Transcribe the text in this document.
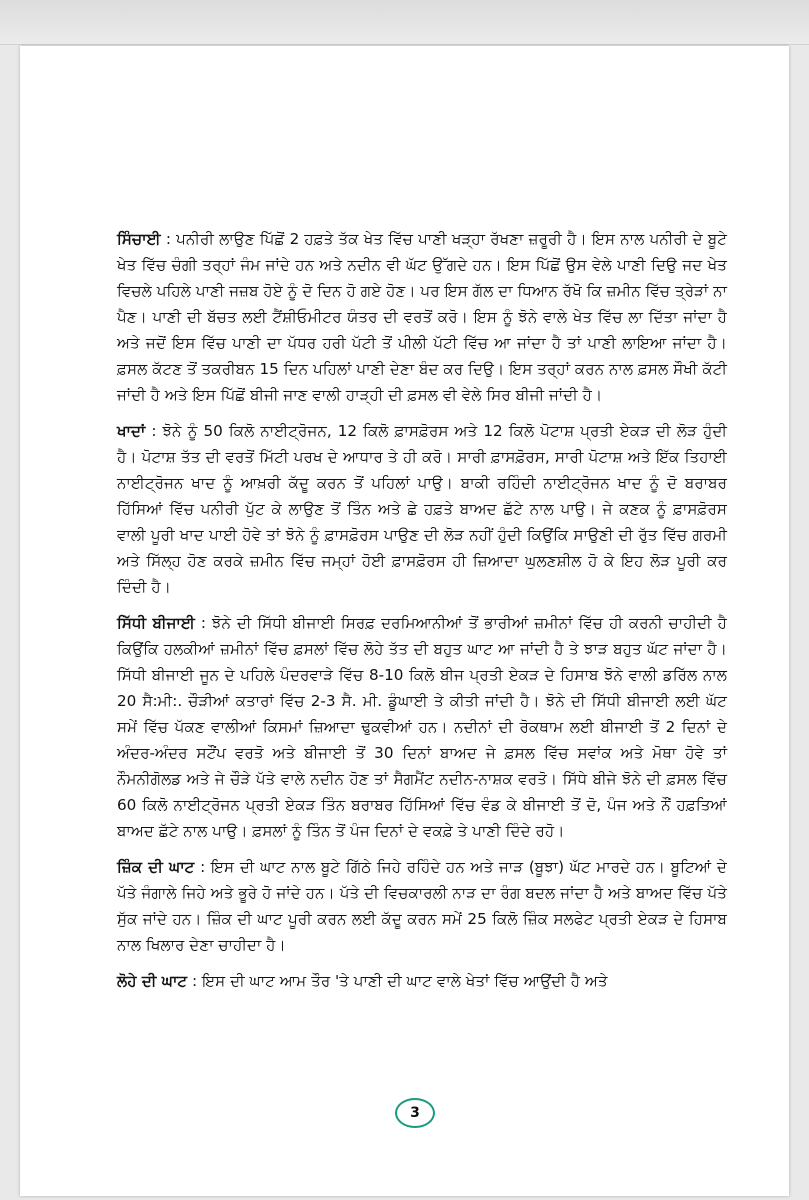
ਸਿੰਚਾਈ : ਪਨੀਰੀ ਲਾਉਣ ਪਿੱਛੋਂ 2 ਹਫ਼ਤੇ ਤੱਕ ਖੇਤ ਵਿੱਚ ਪਾਣੀ ਖੜ੍ਹਾ ਰੱਖਣਾ ਜ਼ਰੂਰੀ ਹੈ। ਇਸ ਨਾਲ ਪਨੀਰੀ ਦੇ ਬੂਟੇ ਖੇਤ ਵਿੱਚ ਚੰਗੀ ਤਰ੍ਹਾਂ ਜੰਮ ਜਾਂਦੇ ਹਨ ਅਤੇ ਨਦੀਨ ਵੀ ਘੱਟ ਉੱਗਦੇ ਹਨ। ਇਸ ਪਿੱਛੋਂ ਉਸ ਵੇਲੇ ਪਾਣੀ ਦਿਉ ਜਦ ਖੇਤ ਵਿਚਲੇ ਪਹਿਲੇ ਪਾਣੀ ਜਜ਼ਬ ਹੋਏ ਨੂੰ ਦੋ ਦਿਨ ਹੋ ਗਏ ਹੋਣ। ਪਰ ਇਸ ਗੱਲ ਦਾ ਧਿਆਨ ਰੱਖੋ ਕਿ ਜ਼ਮੀਨ ਵਿੱਚ ਤ੍ਰੇੜਾਂ ਨਾ ਪੈਣ। ਪਾਣੀ ਦੀ ਬੱਚਤ ਲਈ ਟੈਂਸ਼ੀਓਮੀਟਰ ਯੰਤਰ ਦੀ ਵਰਤੋਂ ਕਰੋ। ਇਸ ਨੂੰ ਝੋਨੇ ਵਾਲੇ ਖੇਤ ਵਿੱਚ ਲਾ ਦਿੱਤਾ ਜਾਂਦਾ ਹੈ ਅਤੇ ਜਦੋਂ ਇਸ ਵਿੱਚ ਪਾਣੀ ਦਾ ਪੱਧਰ ਹਰੀ ਪੱਟੀ ਤੋਂ ਪੀਲੀ ਪੱਟੀ ਵਿੱਚ ਆ ਜਾਂਦਾ ਹੈ ਤਾਂ ਪਾਣੀ ਲਾਇਆ ਜਾਂਦਾ ਹੈ। ਫ਼ਸਲ ਕੱਟਣ ਤੋਂ ਤਕਰੀਬਨ 15 ਦਿਨ ਪਹਿਲਾਂ ਪਾਣੀ ਦੇਣਾ ਬੰਦ ਕਰ ਦਿਉ। ਇਸ ਤਰ੍ਹਾਂ ਕਰਨ ਨਾਲ ਫ਼ਸਲ ਸੌਖੀ ਕੱਟੀ ਜਾਂਦੀ ਹੈ ਅਤੇ ਇਸ ਪਿੱਛੋਂ ਬੀਜੀ ਜਾਣ ਵਾਲੀ ਹਾੜ੍ਹੀ ਦੀ ਫ਼ਸਲ ਵੀ ਵੇਲੇ ਸਿਰ ਬੀਜੀ ਜਾਂਦੀ ਹੈ।

ਖਾਦਾਂ : ਝੋਨੇ ਨੂੰ 50 ਕਿਲੋ ਨਾਈਟ੍ਰੋਜਨ, 12 ਕਿਲੋ ਫ਼ਾਸਫ਼ੋਰਸ ਅਤੇ 12 ਕਿਲੋ ਪੋਟਾਸ਼ ਪ੍ਰਤੀ ਏਕੜ ਦੀ ਲੋੜ ਹੁੰਦੀ ਹੈ। ਪੋਟਾਸ਼ ਤੱਤ ਦੀ ਵਰਤੋਂ ਮਿੱਟੀ ਪਰਖ ਦੇ ਆਧਾਰ ਤੇ ਹੀ ਕਰੋ। ਸਾਰੀ ਫ਼ਾਸਫ਼ੋਰਸ, ਸਾਰੀ ਪੋਟਾਸ਼ ਅਤੇ ਇੱਕ ਤਿਹਾਈ ਨਾਈਟ੍ਰੋਜਨ ਖਾਦ ਨੂੰ ਆਖ਼ਰੀ ਕੱਦੂ ਕਰਨ ਤੋਂ ਪਹਿਲਾਂ ਪਾਉ। ਬਾਕੀ ਰਹਿੰਦੀ ਨਾਈਟ੍ਰੋਜਨ ਖਾਦ ਨੂੰ ਦੋ ਬਰਾਬਰ ਹਿੱਸਿਆਂ ਵਿੱਚ ਪਨੀਰੀ ਪੁੱਟ ਕੇ ਲਾਉਣ ਤੋਂ ਤਿੰਨ ਅਤੇ ਛੇ ਹਫ਼ਤੇ ਬਾਅਦ ਛੱਟੇ ਨਾਲ ਪਾਉ। ਜੇ ਕਣਕ ਨੂੰ ਫ਼ਾਸਫ਼ੋਰਸ ਵਾਲੀ ਪੂਰੀ ਖਾਦ ਪਾਈ ਹੋਵੇ ਤਾਂ ਝੋਨੇ ਨੂੰ ਫ਼ਾਸਫ਼ੋਰਸ ਪਾਉਣ ਦੀ ਲੋੜ ਨਹੀਂ ਹੁੰਦੀ ਕਿਉਂਕਿ ਸਾਉਣੀ ਦੀ ਰੁੱਤ ਵਿੱਚ ਗਰਮੀ ਅਤੇ ਸਿੱਲ੍ਹ ਹੋਣ ਕਰਕੇ ਜ਼ਮੀਨ ਵਿੱਚ ਜਮ੍ਹਾਂ ਹੋਈ ਫ਼ਾਸਫ਼ੋਰਸ ਹੀ ਜ਼ਿਆਦਾ ਘੁਲਣਸ਼ੀਲ ਹੋ ਕੇ ਇਹ ਲੋੜ ਪੂਰੀ ਕਰ ਦਿੰਦੀ ਹੈ।

ਸਿੱਧੀ ਬੀਜਾਈ : ਝੋਨੇ ਦੀ ਸਿੱਧੀ ਬੀਜਾਈ ਸਿਰਫ਼ ਦਰਮਿਆਨੀਆਂ ਤੋਂ ਭਾਰੀਆਂ ਜ਼ਮੀਨਾਂ ਵਿੱਚ ਹੀ ਕਰਨੀ ਚਾਹੀਦੀ ਹੈ ਕਿਉਂਕਿ ਹਲਕੀਆਂ ਜ਼ਮੀਨਾਂ ਵਿੱਚ ਫ਼ਸਲਾਂ ਵਿੱਚ ਲੋਹੇ ਤੱਤ ਦੀ ਬਹੁਤ ਘਾਟ ਆ ਜਾਂਦੀ ਹੈ ਤੇ ਝਾੜ ਬਹੁਤ ਘੱਟ ਜਾਂਦਾ ਹੈ। ਸਿੱਧੀ ਬੀਜਾਈ ਜੂਨ ਦੇ ਪਹਿਲੇ ਪੰਦਰਵਾੜੇ ਵਿੱਚ 8-10 ਕਿਲੋ ਬੀਜ ਪ੍ਰਤੀ ਏਕੜ ਦੇ ਹਿਸਾਬ ਝੋਨੇ ਵਾਲੀ ਡਰਿੱਲ ਨਾਲ 20 ਸੈ:ਮੀ:. ਚੌੜੀਆਂ ਕਤਾਰਾਂ ਵਿੱਚ 2-3 ਸੈ. ਮੀ. ਡੂੰਘਾਈ ਤੇ ਕੀਤੀ ਜਾਂਦੀ ਹੈ। ਝੋਨੇ ਦੀ ਸਿੱਧੀ ਬੀਜਾਈ ਲਈ ਘੱਟ ਸਮੇਂ ਵਿੱਚ ਪੱਕਣ ਵਾਲੀਆਂ ਕਿਸਮਾਂ ਜ਼ਿਆਦਾ ਢੁਕਵੀਆਂ ਹਨ। ਨਦੀਨਾਂ ਦੀ ਰੋਕਥਾਮ ਲਈ ਬੀਜਾਈ ਤੋਂ 2 ਦਿਨਾਂ ਦੇ ਅੰਦਰ-ਅੰਦਰ ਸਟੌਂਪ ਵਰਤੋ ਅਤੇ ਬੀਜਾਈ ਤੋਂ 30 ਦਿਨਾਂ ਬਾਅਦ ਜੇ ਫ਼ਸਲ ਵਿੱਚ ਸਵਾਂਕ ਅਤੇ ਮੋਥਾ ਹੋਵੇ ਤਾਂ ਨੌਮਨੀਗੋਲਡ ਅਤੇ ਜੇ ਚੌੜੇ ਪੱਤੇ ਵਾਲੇ ਨਦੀਨ ਹੋਣ ਤਾਂ ਸੈਗਮੈਂਟ ਨਦੀਨ-ਨਾਸ਼ਕ ਵਰਤੋ। ਸਿੱਧੇ ਬੀਜੇ ਝੋਨੇ ਦੀ ਫ਼ਸਲ ਵਿੱਚ 60 ਕਿਲੋ ਨਾਈਟ੍ਰੋਜਨ ਪ੍ਰਤੀ ਏਕੜ ਤਿੰਨ ਬਰਾਬਰ ਹਿੱਸਿਆਂ ਵਿੱਚ ਵੰਡ ਕੇ ਬੀਜਾਈ ਤੋਂ ਦੋ, ਪੰਜ ਅਤੇ ਨੌਂ ਹਫ਼ਤਿਆਂ ਬਾਅਦ ਛੱਟੇ ਨਾਲ ਪਾਉ। ਫ਼ਸਲਾਂ ਨੂੰ ਤਿੰਨ ਤੋਂ ਪੰਜ ਦਿਨਾਂ ਦੇ ਵਕਫ਼ੇ ਤੇ ਪਾਣੀ ਦਿੰਦੇ ਰਹੋ।

ਜ਼ਿੰਕ ਦੀ ਘਾਟ : ਇਸ ਦੀ ਘਾਟ ਨਾਲ ਬੂਟੇ ਗਿੱਠੇ ਜਿਹੇ ਰਹਿੰਦੇ ਹਨ ਅਤੇ ਜਾੜ (ਬੂਝਾ) ਘੱਟ ਮਾਰਦੇ ਹਨ। ਬੂਟਿਆਂ ਦੇ ਪੱਤੇ ਜੰਗਾਲੇ ਜਿਹੇ ਅਤੇ ਭੂਰੇ ਹੋ ਜਾਂਦੇ ਹਨ। ਪੱਤੇ ਦੀ ਵਿਚਕਾਰਲੀ ਨਾੜ ਦਾ ਰੰਗ ਬਦਲ ਜਾਂਦਾ ਹੈ ਅਤੇ ਬਾਅਦ ਵਿੱਚ ਪੱਤੇ ਸੁੱਕ ਜਾਂਦੇ ਹਨ। ਜ਼ਿੰਕ ਦੀ ਘਾਟ ਪੂਰੀ ਕਰਨ ਲਈ ਕੱਦੂ ਕਰਨ ਸਮੇਂ 25 ਕਿਲੋ ਜ਼ਿੰਕ ਸਲਫੇਟ ਪ੍ਰਤੀ ਏਕੜ ਦੇ ਹਿਸਾਬ ਨਾਲ ਖਿਲਾਰ ਦੇਣਾ ਚਾਹੀਦਾ ਹੈ।

ਲੋਹੇ ਦੀ ਘਾਟ : ਇਸ ਦੀ ਘਾਟ ਆਮ ਤੌਰ 'ਤੇ ਪਾਣੀ ਦੀ ਘਾਟ ਵਾਲੇ ਖੇਤਾਂ ਵਿੱਚ ਆਉਂਦੀ ਹੈ ਅਤੇ

3
